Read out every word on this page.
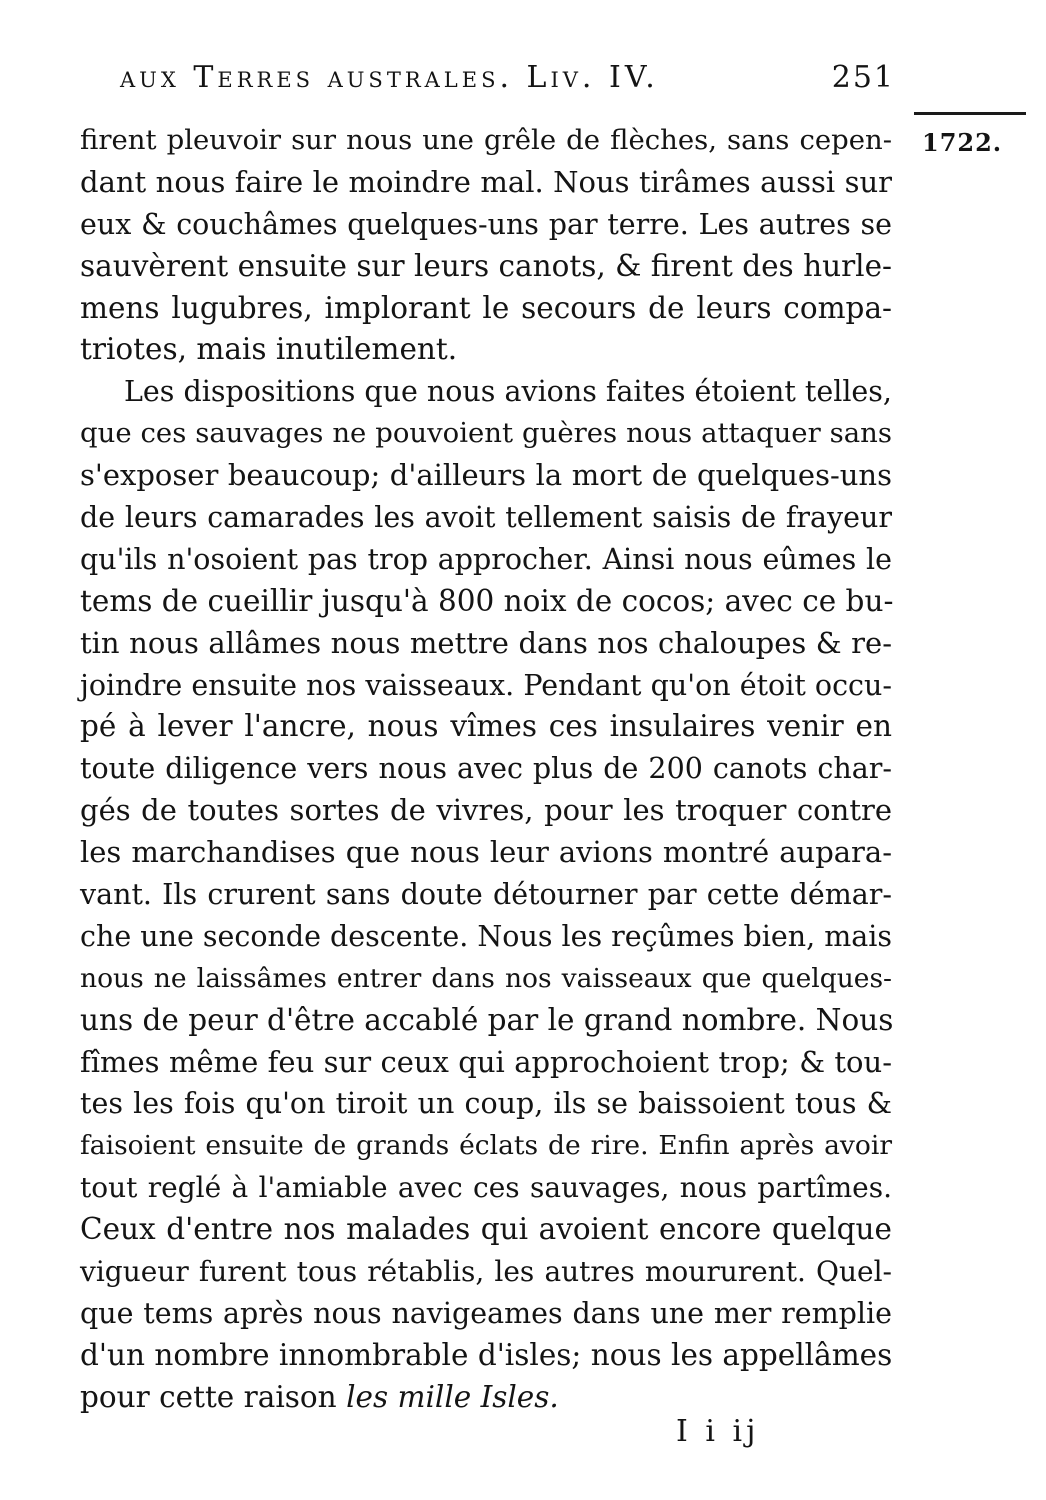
aux Terres australes. Liv. IV.	251
1722.
firent pleuvoir sur nous une grêle de flèches, sans cepen-
dant nous faire le moindre mal. Nous tirâmes aussi sur
eux & couchâmes quelques-uns par terre. Les autres se
sauvèrent ensuite sur leurs canots, & firent des hurle-
mens lugubres, implorant le secours de leurs compa-
triotes, mais inutilement.
Les dispositions que nous avions faites étoient telles,
que ces sauvages ne pouvoient guères nous attaquer sans
s'exposer beaucoup; d'ailleurs la mort de quelques-uns
de leurs camarades les avoit tellement saisis de frayeur
qu'ils n'osoient pas trop approcher. Ainsi nous eûmes le
tems de cueillir jusqu'à 800 noix de cocos; avec ce bu-
tin nous allâmes nous mettre dans nos chaloupes & re-
joindre ensuite nos vaisseaux. Pendant qu'on étoit occu-
pé à lever l'ancre, nous vîmes ces insulaires venir en
toute diligence vers nous avec plus de 200 canots char-
gés de toutes sortes de vivres, pour les troquer contre
les marchandises que nous leur avions montré aupara-
vant. Ils crurent sans doute détourner par cette démar-
che une seconde descente. Nous les reçûmes bien, mais
nous ne laissâmes entrer dans nos vaisseaux que quelques-
uns de peur d'être accablé par le grand nombre. Nous
fîmes même feu sur ceux qui approchoient trop; & tou-
tes les fois qu'on tiroit un coup, ils se baissoient tous &
faisoient ensuite de grands éclats de rire. Enfin après avoir
tout reglé à l'amiable avec ces sauvages, nous partîmes.
Ceux d'entre nos malades qui avoient encore quelque
vigueur furent tous rétablis, les autres moururent. Quel-
que tems après nous navigeames dans une mer remplie
d'un nombre innombrable d'isles; nous les appellâmes
pour cette raison les mille Isles.
I i ij
